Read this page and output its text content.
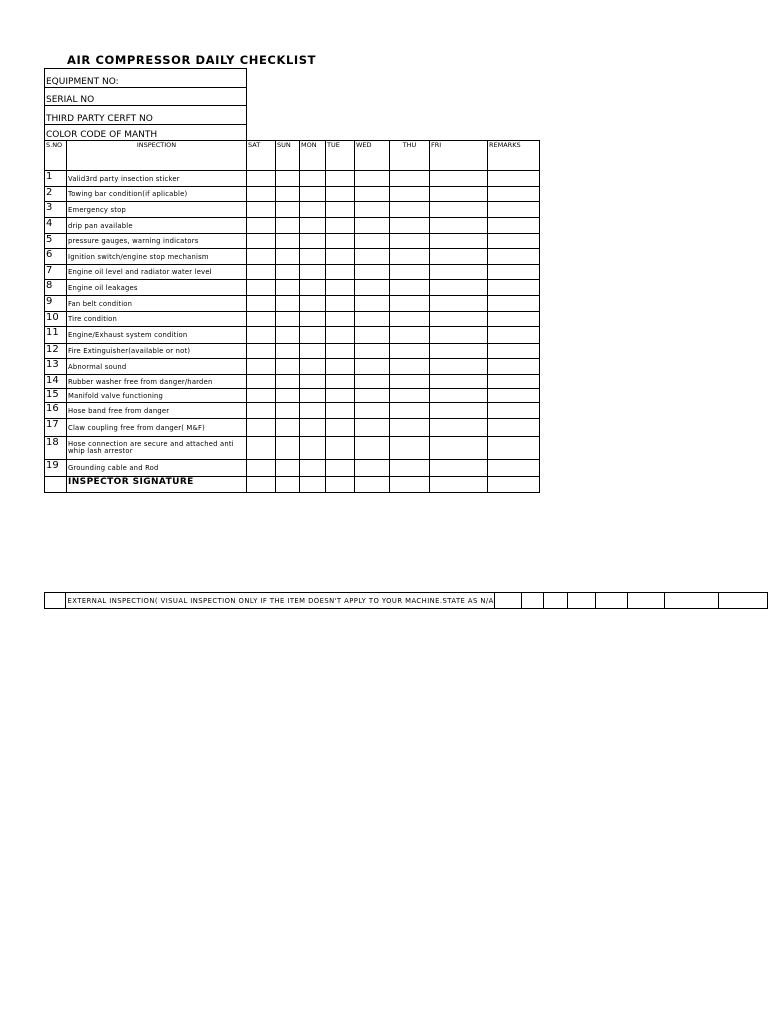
AIR COMPRESSOR DAILY CHECKLIST
EQUIPMENT NO:
SERIAL NO
THIRD PARTY CERFT NO
COLOR CODE OF MANTH
S.NO	INSPECTION	SAT	SUN	MON	TUE	WED	THU	FRI	REMARKS
1	Valid3rd party insection sticker								
2	Towing bar condition(if aplicable)								
3	Emergency stop								
4	drip pan available								
5	pressure gauges, warning indicators								
6	Ignition switch/engine stop mechanism								
7	Engine oil level and radiator water level								
8	Engine oil leakages								
9	Fan belt condition								
10	Tire condition								
11	Engine/Exhaust system condition								
12	Fire Extinguisher(available or not)								
13	Abnormal sound								
14	Rubber washer free from danger/harden								
15	Manifold valve functioning								
16	Hose band free from danger								
17	Claw coupling free from danger( M&F)								
18	Hose connection are secure and attached anti whip lash arrestor								
19	Grounding cable and Rod								
	INSPECTOR SIGNATURE								
	EXTERNAL INSPECTION( VISUAL INSPECTION ONLY IF THE ITEM DOESN'T APPLY TO YOUR MACHINE.STATE AS N/A								
